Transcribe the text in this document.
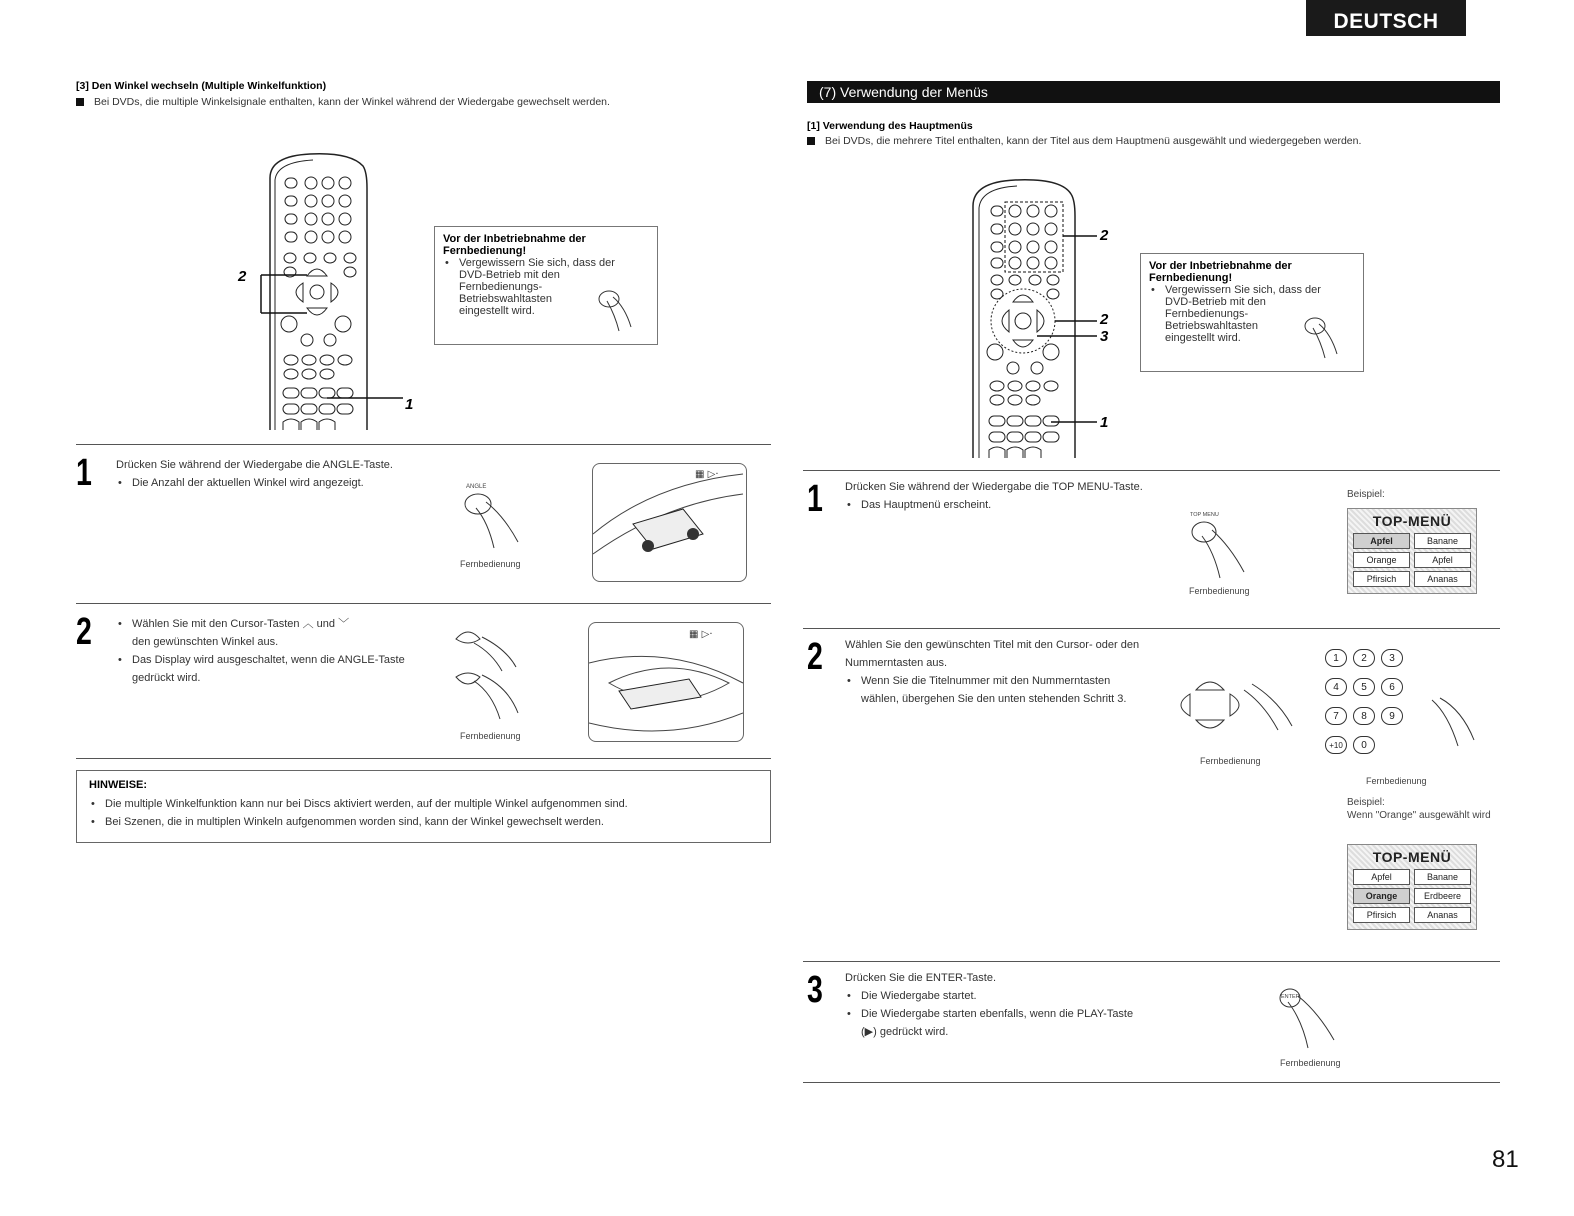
DEUTSCH
[3] Den Winkel wechseln (Multiple Winkelfunktion)
Bei DVDs, die multiple Winkelsignale enthalten, kann der Winkel während der Wiedergabe gewechselt werden.
2
1
Vor der Inbetriebnahme der
Fernbedienung!
• Vergewissern Sie sich, dass der
DVD-Betrieb mit den
Fernbedienungs-
Betriebswahltasten
eingestellt wird.
1 Drücken Sie während der Wiedergabe die ANGLE-Taste.
• Die Anzahl der aktuellen Winkel wird angezeigt.	ANGLE
Fernbedienung
▦ ▷·
2
•	Wählen Sie mit den Cursor-Tasten ︿ und ﹀
den gewünschten Winkel aus.
• Das Display wird ausgeschaltet, wenn die ANGLE-Taste gedrückt wird.
Fernbedienung
▦ ▷·
HINWEISE:
• Die multiple Winkelfunktion kann nur bei Discs aktiviert werden, auf der multiple Winkel aufgenommen sind.
• Bei Szenen, die in multiplen Winkeln aufgenommen worden sind, kann der Winkel gewechselt werden.
(7) Verwendung der Menüs
[1] Verwendung des Hauptmenüs
Bei DVDs, die mehrere Titel enthalten, kann der Titel aus dem Hauptmenü ausgewählt und wiedergegeben werden.
2
2
3
1
Vor der Inbetriebnahme der
Fernbedienung!
• Vergewissern Sie sich, dass der
DVD-Betrieb mit den
Fernbedienungs-
Betriebswahltasten
eingestellt wird.
1 Drücken Sie während der Wiedergabe die TOP MENU-Taste.
• Das Hauptmenü erscheint.
TOP MENU
Fernbedienung
Beispiel:
TOP-MENÜ
Apfel	Banane
Orange	Apfel
Pfirsich	Ananas
2 Wählen Sie den gewünschten Titel mit den Cursor- oder den Nummerntasten aus.
• Wenn Sie die Titelnummer mit den Nummerntasten wählen, übergehen Sie den unten stehenden Schritt 3.
Fernbedienung
1 2 3
4 5 6
7 8 9
+10 0
Fernbedienung
Beispiel:
Wenn "Orange" ausgewählt wird
TOP-MENÜ
Apfel	Banane
Orange	Erdbeere
Pfirsich	Ananas
3 Drücken Sie die ENTER-Taste.
• Die Wiedergabe startet.
• Die Wiedergabe starten ebenfalls, wenn die PLAY-Taste (▶) gedrückt wird.
ENTER
Fernbedienung
81
